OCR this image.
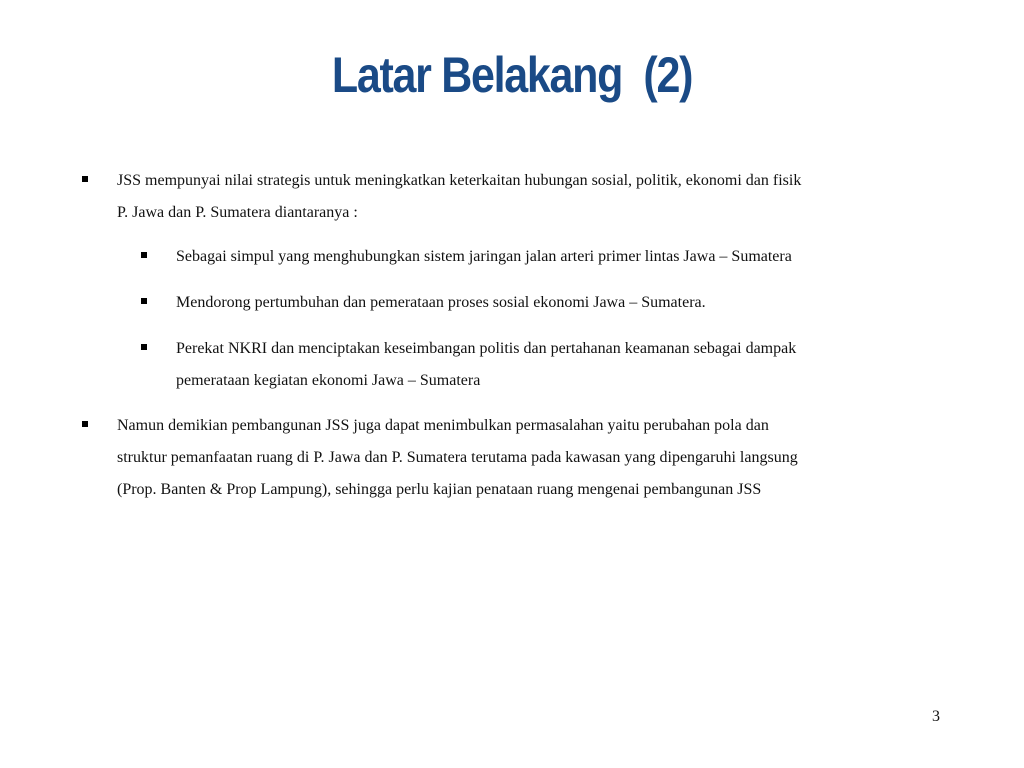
Latar Belakang  (2)
JSS mempunyai nilai strategis untuk meningkatkan keterkaitan hubungan sosial, politik, ekonomi dan fisik
P. Jawa dan P. Sumatera diantaranya :
Sebagai simpul yang menghubungkan sistem jaringan jalan arteri primer lintas Jawa – Sumatera
Mendorong pertumbuhan dan pemerataan proses sosial ekonomi Jawa – Sumatera.
Perekat NKRI dan menciptakan keseimbangan politis dan pertahanan keamanan sebagai dampak
pemerataan kegiatan ekonomi Jawa – Sumatera
Namun demikian pembangunan JSS juga dapat menimbulkan permasalahan yaitu perubahan pola dan
struktur pemanfaatan ruang di P. Jawa dan P. Sumatera terutama pada kawasan yang dipengaruhi langsung
(Prop. Banten & Prop Lampung), sehingga perlu kajian penataan ruang mengenai pembangunan JSS
3
